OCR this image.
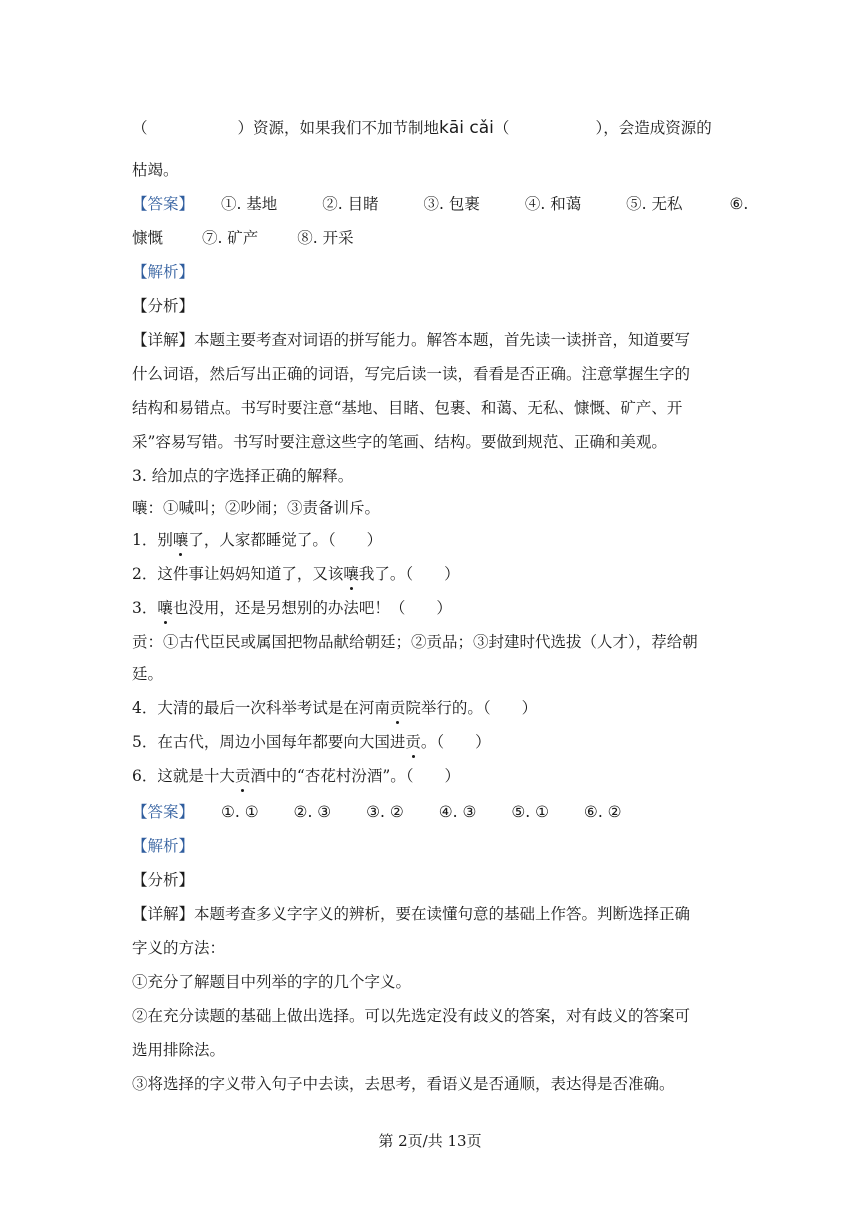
（	）资源，如果我们不加节制地kāi cǎi（	），会造成资源的
枯竭。
【答案】 ①. 基地	②. 目睹	③. 包裹	④. 和蔼	⑤. 无私	⑥.
慷慨	⑦. 矿产	⑧. 开采
【解析】
【分析】
【详解】本题主要考查对词语的拼写能力。解答本题，首先读一读拼音，知道要写
什么词语，然后写出正确的词语，写完后读一读，看看是否正确。注意掌握生字的
结构和易错点。书写时要注意“基地、目睹、包裹、和蔼、无私、慷慨、矿产、开
采”容易写错。书写时要注意这些字的笔画、结构。要做到规范、正确和美观。
3. 给加点的字选择正确的解释。
嚷：①喊叫；②吵闹；③责备训斥。
1．别嚷了，人家都睡觉了。（　　）
2．这件事让妈妈知道了，又该嚷我了。（　　）
3．嚷也没用，还是另想别的办法吧！（　　）
贡：①古代臣民或属国把物品献给朝廷；②贡品；③封建时代选拔（人才），荐给朝
廷。
4．大清的最后一次科举考试是在河南贡院举行的。（　　）
5．在古代，周边小国每年都要向大国进贡。（　　）
6．这就是十大贡酒中的“杏花村汾酒”。（　　）
【答案】 ①. ① ②. ③ ③. ② ④. ③ ⑤. ① ⑥. ②
【解析】
【分析】
【详解】本题考查多义字字义的辨析，要在读懂句意的基础上作答。判断选择正确
字义的方法：
①充分了解题目中列举的字的几个字义。
②在充分读题的基础上做出选择。可以先选定没有歧义的答案，对有歧义的答案可
选用排除法。
③将选择的字义带入句子中去读，去思考，看语义是否通顺，表达得是否准确。
第 2页/共 13页
